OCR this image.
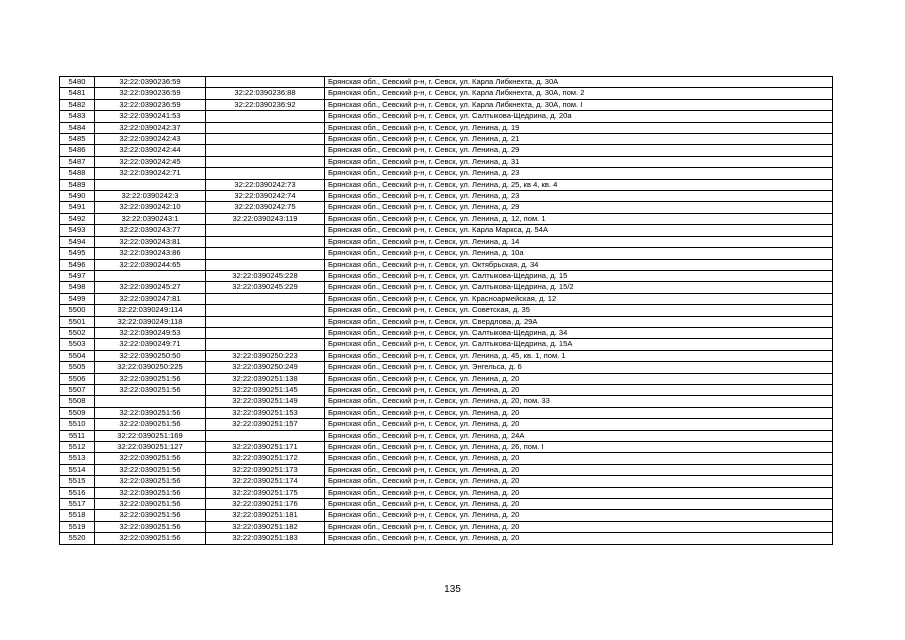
5480	32:22:0390236:59		Брянская обл., Севский р-н, г. Севск, ул. Карла Либкнехта, д. 30А
5481	32:22:0390236:59	32:22:0390236:88	Брянская обл., Севский р-н, г. Севск, ул. Карла Либкнехта, д. 30А, пом. 2
5482	32:22:0390236:59	32:22:0390236:92	Брянская обл., Севский р-н, г. Севск, ул. Карла Либкнехта, д. 30А, пом. I
5483	32:22:0390241:53		Брянская обл., Севский р-н, г. Севск, ул. Салтыкова-Щедрина, д. 20а
5484	32:22:0390242:37		Брянская обл., Севский р-н, г. Севск, ул. Ленина, д. 19
5485	32:22:0390242:43		Брянская обл., Севский р-н, г. Севск, ул. Ленина, д. 21
5486	32:22:0390242:44		Брянская обл., Севский р-н, г. Севск, ул. Ленина, д. 29
5487	32:22:0390242:45		Брянская обл., Севский р-н, г. Севск, ул. Ленина, д. 31
5488	32:22:0390242:71		Брянская обл., Севский р-н, г. Севск, ул. Ленина, д. 23
5489		32:22:0390242:73	Брянская обл., Севский р-н, г. Севск, ул. Ленина, д. 25, кв 4, кв. 4
5490	32:22:0390242:3	32:22:0390242:74	Брянская обл., Севский р-н, г. Севск, ул. Ленина, д. 23
5491	32:22:0390242:10	32:22:0390242:75	Брянская обл., Севский р-н, г. Севск, ул. Ленина, д. 29
5492	32:22:0390243:1	32:22:0390243:119	Брянская обл., Севский р-н, г. Севск, ул. Ленина, д. 12, пом. 1
5493	32:22:0390243:77		Брянская обл., Севский р-н, г. Севск, ул. Карла Маркса, д. 54А
5494	32:22:0390243:81		Брянская обл., Севский р-н, г. Севск, ул. Ленина, д. 14
5495	32:22:0390243:86		Брянская обл., Севский р-н, г. Севск, ул. Ленина, д. 10а
5496	32:22:0390244:65		Брянская обл., Севский р-н, г. Севск, ул. Октябрьская, д. 34
5497		32:22:0390245:228	Брянская обл., Севский р-н, г. Севск, ул. Салтыкова-Щедрина, д. 15
5498	32:22:0390245:27	32:22:0390245:229	Брянская обл., Севский р-н, г. Севск, ул. Салтыкова-Щедрина, д. 15/2
5499	32:22:0390247:81		Брянская обл., Севский р-н, г. Севск, ул. Красноармейская, д. 12
5500	32:22:0390249:114		Брянская обл., Севский р-н, г. Севск, ул. Советская, д. 35
5501	32:22:0390249:118		Брянская обл., Севский р-н, г. Севск, ул. Свердлова, д. 29А
5502	32:22:0390249:53		Брянская обл., Севский р-н, г. Севск, ул. Салтыкова-Щедрина, д. 34
5503	32:22:0390249:71		Брянская обл., Севский р-н, г. Севск, ул. Салтыкова-Щедрина, д. 15А
5504	32:22:0390250:50	32:22:0390250:223	Брянская обл., Севский р-н, г. Севск, ул. Ленина, д. 45, кв. 1, пом. 1
5505	32:22:0390250:225	32:22:0390250:249	Брянская обл., Севский р-н, г. Севск, ул. Энгельса, д. 6
5506	32:22:0390251:56	32:22:0390251:138	Брянская обл., Севский р-н, г. Севск, ул. Ленина, д. 20
5507	32:22:0390251:56	32:22:0390251:145	Брянская обл., Севский р-н, г. Севск, ул. Ленина, д. 20
5508		32:22:0390251:149	Брянская обл., Севский р-н, г. Севск, ул. Ленина, д. 20, пом. 33
5509	32:22:0390251:56	32:22:0390251:153	Брянская обл., Севский р-н, г. Севск, ул. Ленина, д. 20
5510	32:22:0390251:56	32:22:0390251:157	Брянская обл., Севский р-н, г. Севск, ул. Ленина, д. 20
5511	32:22:0390251:169		Брянская обл., Севский р-н, г. Севск, ул. Ленина, д. 24А
5512	32:22:0390251:127	32:22:0390251:171	Брянская обл., Севский р-н, г. Севск, ул. Ленина, д. 26, пом. I
5513	32:22:0390251:56	32:22:0390251:172	Брянская обл., Севский р-н, г. Севск, ул. Ленина, д. 20
5514	32:22:0390251:56	32:22:0390251:173	Брянская обл., Севский р-н, г. Севск, ул. Ленина, д. 20
5515	32:22:0390251:56	32:22:0390251:174	Брянская обл., Севский р-н, г. Севск, ул. Ленина, д. 20
5516	32:22:0390251:56	32:22:0390251:175	Брянская обл., Севский р-н, г. Севск, ул. Ленина, д. 20
5517	32:22:0390251:56	32:22:0390251:176	Брянская обл., Севский р-н, г. Севск, ул. Ленина, д. 20
5518	32:22:0390251:56	32:22:0390251:181	Брянская обл., Севский р-н, г. Севск, ул. Ленина, д. 20
5519	32:22:0390251:56	32:22:0390251:182	Брянская обл., Севский р-н, г. Севск, ул. Ленина, д. 20
5520	32:22:0390251:56	32:22:0390251:183	Брянская обл., Севский р-н, г. Севск, ул. Ленина, д. 20
135
